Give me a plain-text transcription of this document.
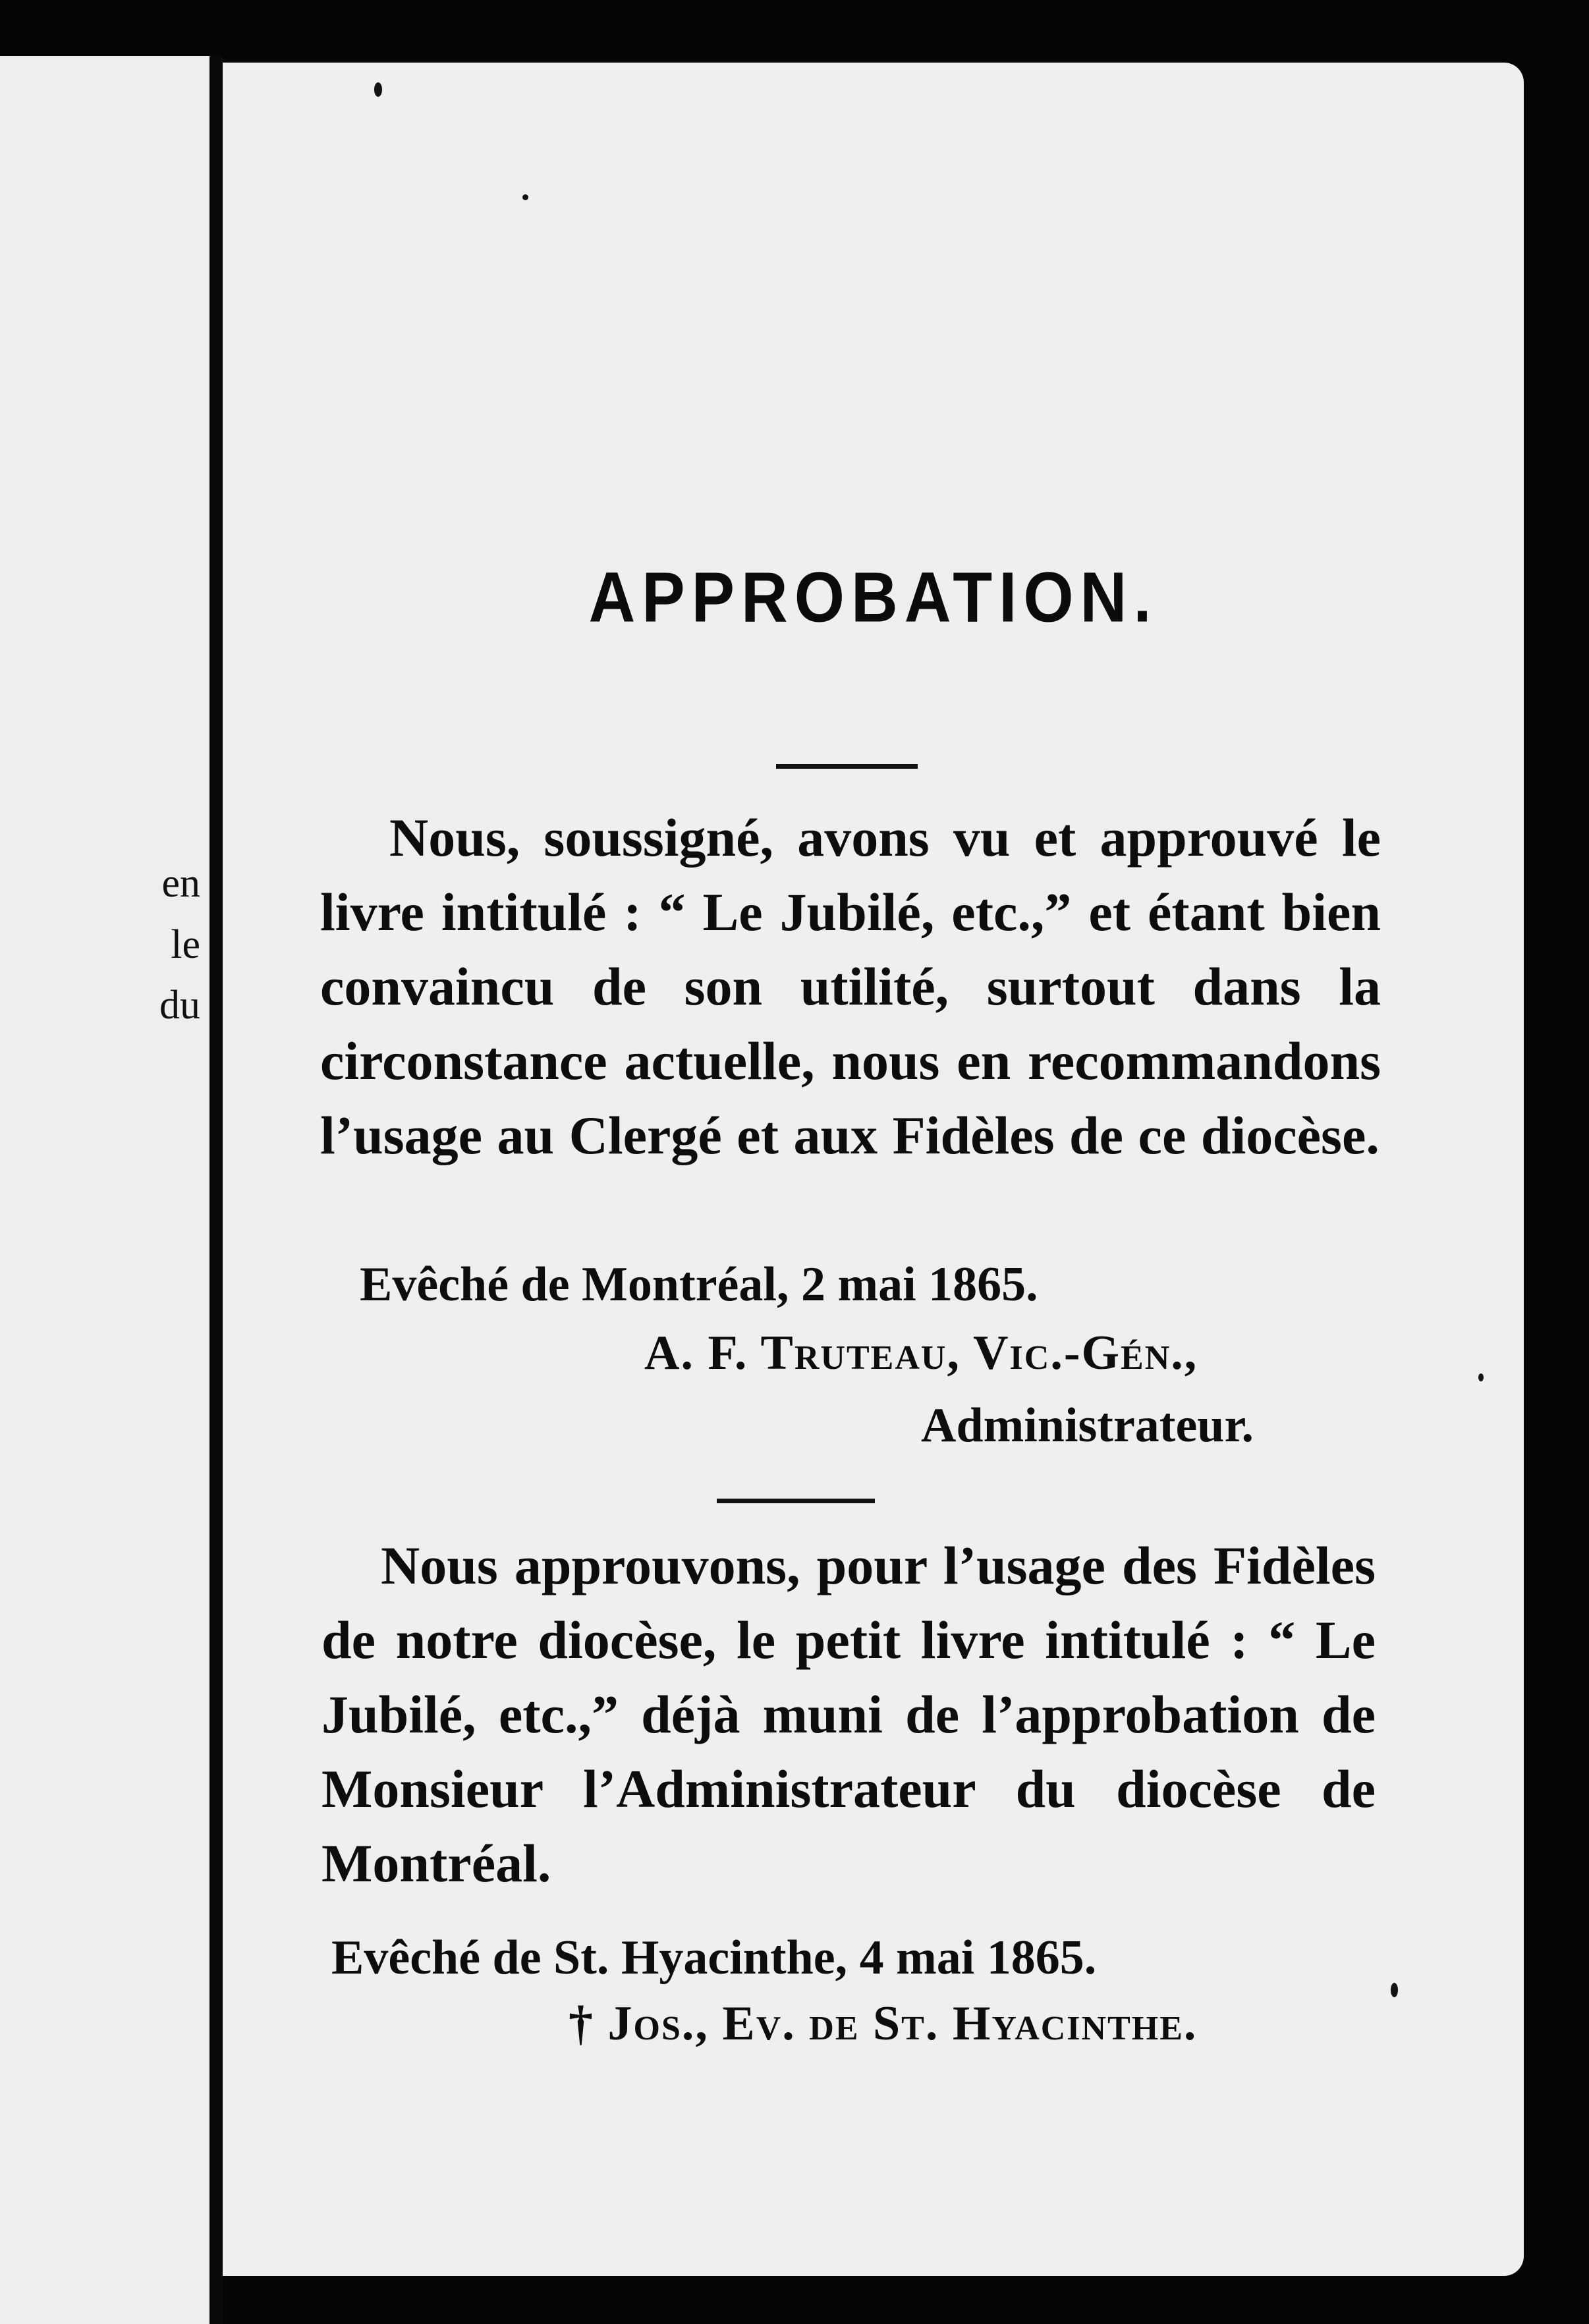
en
le
du
APPROBATION.
Nous, soussigné, avons vu et approuvé le livre intitulé : “ Le Jubilé, etc.,” et étant bien convaincu de son utilité, surtout dans la circonstance actuelle, nous en recommandons l’usage au Clergé et aux Fidèles de ce diocèse.
Evêché de Montréal, 2 mai 1865.
A. F. Truteau, Vic.-Gén.,
Administrateur.
Nous approuvons, pour l’usage des Fidèles de notre diocèse, le petit livre intitulé : “ Le Jubilé, etc.,” déjà muni de l’approbation de Monsieur l’Administrateur du diocèse de Montréal.
Evêché de St. Hyacinthe, 4 mai 1865.
† Jos., Ev. de St. Hyacinthe.
